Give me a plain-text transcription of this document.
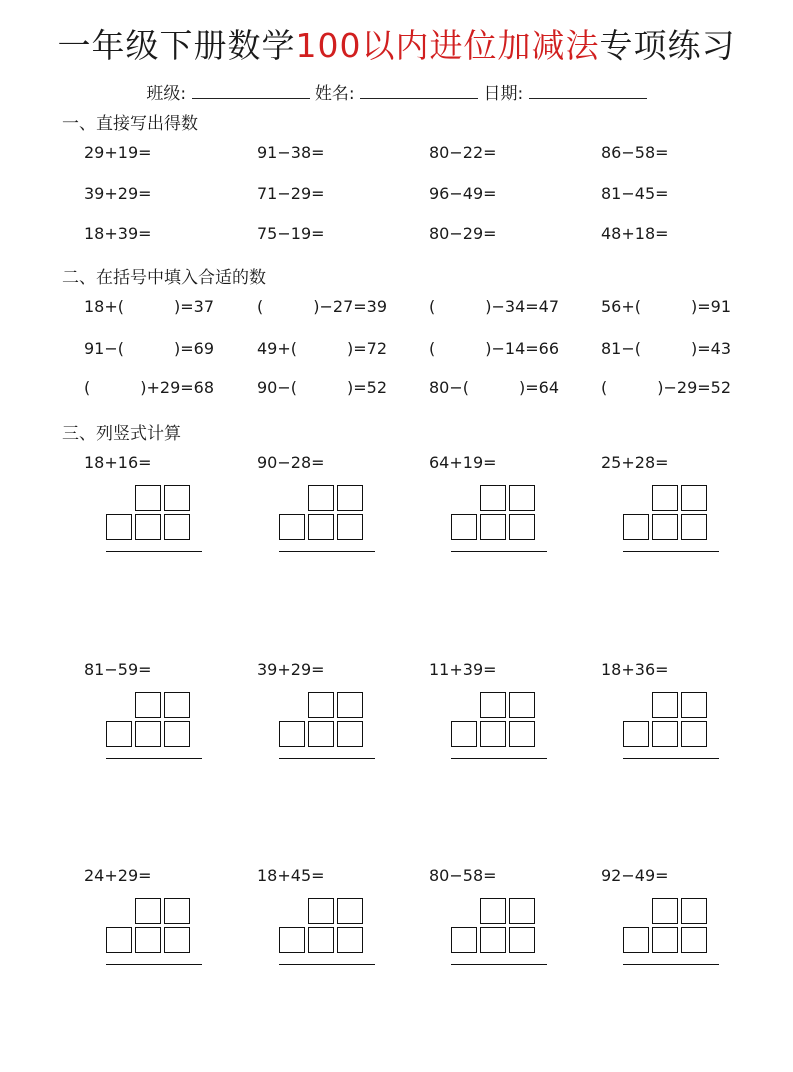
一年级下册数学100以内进位加减法专项练习
班级:	姓名:	日期:
一、直接写出得数
二、在括号中填入合适的数
三、列竖式计算
29+19=	91−38=	80−22=	86−58=
39+29=	71−29=	96−49=	81−45=
18+39=	75−19=	80−29=	48+18=
18+(	)=37	(	)−27=39	(	)−34=47	56+(	)=91
91−(	)=69	49+(	)=72	(	)−14=66	81−(	)=43
(	)+29=68	90−(	)=52	80−(	)=64	(	)−29=52
18+16=	90−28=	64+19=	25+28=
81−59=	39+29=	11+39=	18+36=
24+29=	18+45=	80−58=	92−49=
